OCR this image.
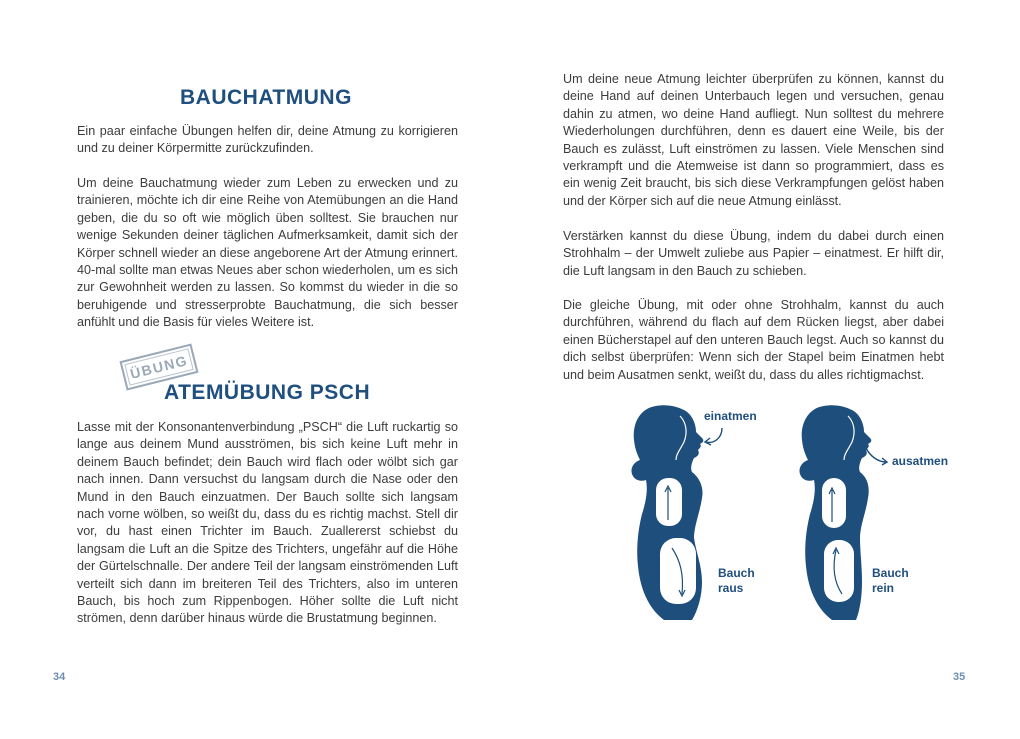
BAUCHATMUNG

Ein paar einfache Übungen helfen dir, deine Atmung zu korrigieren und zu deiner Körpermitte zurückzufinden.

Um deine Bauchatmung wieder zum Leben zu erwecken und zu trainieren, möchte ich dir eine Reihe von Atemübungen an die Hand geben, die du so oft wie möglich üben solltest. Sie brauchen nur wenige Sekunden deiner täglichen Aufmerksamkeit, damit sich der Körper schnell wieder an diese angeborene Art der Atmung erinnert. 40-mal sollte man etwas Neues aber schon wiederholen, um es sich zur Gewohnheit werden zu lassen. So kommst du wieder in die so beruhigende und stresserprobte Bauchatmung, die sich besser anfühlt und die Basis für vieles Weitere ist.

ÜBUNG
ATEMÜBUNG PSCH

Lasse mit der Konsonantenverbindung „PSCH“ die Luft ruckartig so lange aus deinem Mund ausströmen, bis sich keine Luft mehr in deinem Bauch befindet; dein Bauch wird flach oder wölbt sich gar nach innen. Dann versuchst du langsam durch die Nase oder den Mund in den Bauch einzuatmen. Der Bauch sollte sich langsam nach vorne wölben, so weißt du, dass du es richtig machst. Stell dir vor, du hast einen Trichter im Bauch. Zuallererst schiebst du langsam die Luft an die Spitze des Trichters, ungefähr auf die Höhe der Gürtelschnalle. Der andere Teil der langsam einströmenden Luft verteilt sich dann im breiteren Teil des Trichters, also im unteren Bauch, bis hoch zum Rippenbogen. Höher sollte die Luft nicht strömen, denn darüber hinaus würde die Brustatmung beginnen.

34

Um deine neue Atmung leichter überprüfen zu können, kannst du deine Hand auf deinen Unterbauch legen und versuchen, genau dahin zu atmen, wo deine Hand aufliegt. Nun solltest du mehrere Wiederholungen durchführen, denn es dauert eine Weile, bis der Bauch es zulässt, Luft einströmen zu lassen. Viele Menschen sind verkrampft und die Atemweise ist dann so programmiert, dass es ein wenig Zeit braucht, bis sich diese Verkrampfungen gelöst haben und der Körper sich auf die neue Atmung einlässt.

Verstärken kannst du diese Übung, indem du dabei durch einen Strohhalm – der Umwelt zuliebe aus Papier – einatmest. Er hilft dir, die Luft langsam in den Bauch zu schieben.

Die gleiche Übung, mit oder ohne Strohhalm, kannst du auch durchführen, während du flach auf dem Rücken liegst, aber dabei einen Bücherstapel auf den unteren Bauch legst. Auch so kannst du dich selbst überprüfen: Wenn sich der Stapel beim Einatmen hebt und beim Ausatmen senkt, weißt du, dass du alles richtigmachst.

einatmen
ausatmen
Bauch
raus
Bauch
rein
35
